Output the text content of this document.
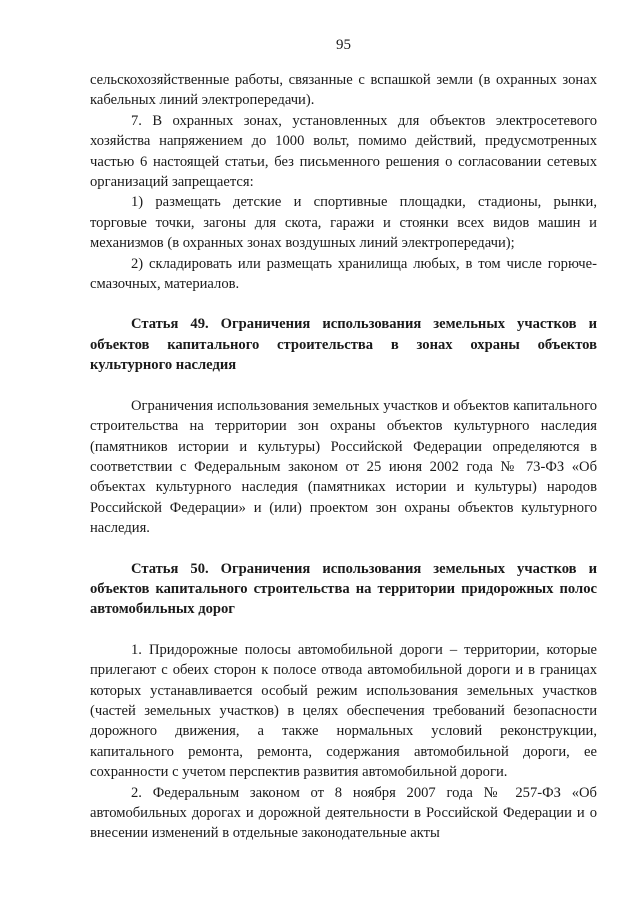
95

сельскохозяйственные работы, связанные с вспашкой земли (в охранных зонах кабельных линий электропередачи).

7. В охранных зонах, установленных для объектов электросетевого хозяйства напряжением до 1000 вольт, помимо действий, предусмотренных частью 6 настоящей статьи, без письменного решения о согласовании сетевых организаций запрещается:

1) размещать детские и спортивные площадки, стадионы, рынки, торговые точки, загоны для скота, гаражи и стоянки всех видов машин и механизмов (в охранных зонах воздушных линий электропередачи);

2) складировать или размещать хранилища любых, в том числе горюче-смазочных, материалов.

Статья 49. Ограничения использования земельных участков и объектов капитального строительства в зонах охраны объектов культурного наследия

Ограничения использования земельных участков и объектов капитального строительства на территории зон охраны объектов культурного наследия (памятников истории и культуры) Российской Федерации определяются в соответствии с Федеральным законом от 25 июня 2002 года № 73-ФЗ «Об объектах культурного наследия (памятниках истории и культуры) народов Российской Федерации» и (или) проектом зон охраны объектов культурного наследия.

Статья 50. Ограничения использования земельных участков и объектов капитального строительства на территории придорожных полос автомобильных дорог

1. Придорожные полосы автомобильной дороги – территории, которые прилегают с обеих сторон к полосе отвода автомобильной дороги и в границах которых устанавливается особый режим использования земельных участков (частей земельных участков) в целях обеспечения требований безопасности дорожного движения, а также нормальных условий реконструкции, капитального ремонта, ремонта, содержания автомобильной дороги, ее сохранности с учетом перспектив развития автомобильной дороги.

2. Федеральным законом от 8 ноября 2007 года № 257-ФЗ «Об автомобильных дорогах и дорожной деятельности в Российской Федерации и о внесении изменений в отдельные законодательные акты
